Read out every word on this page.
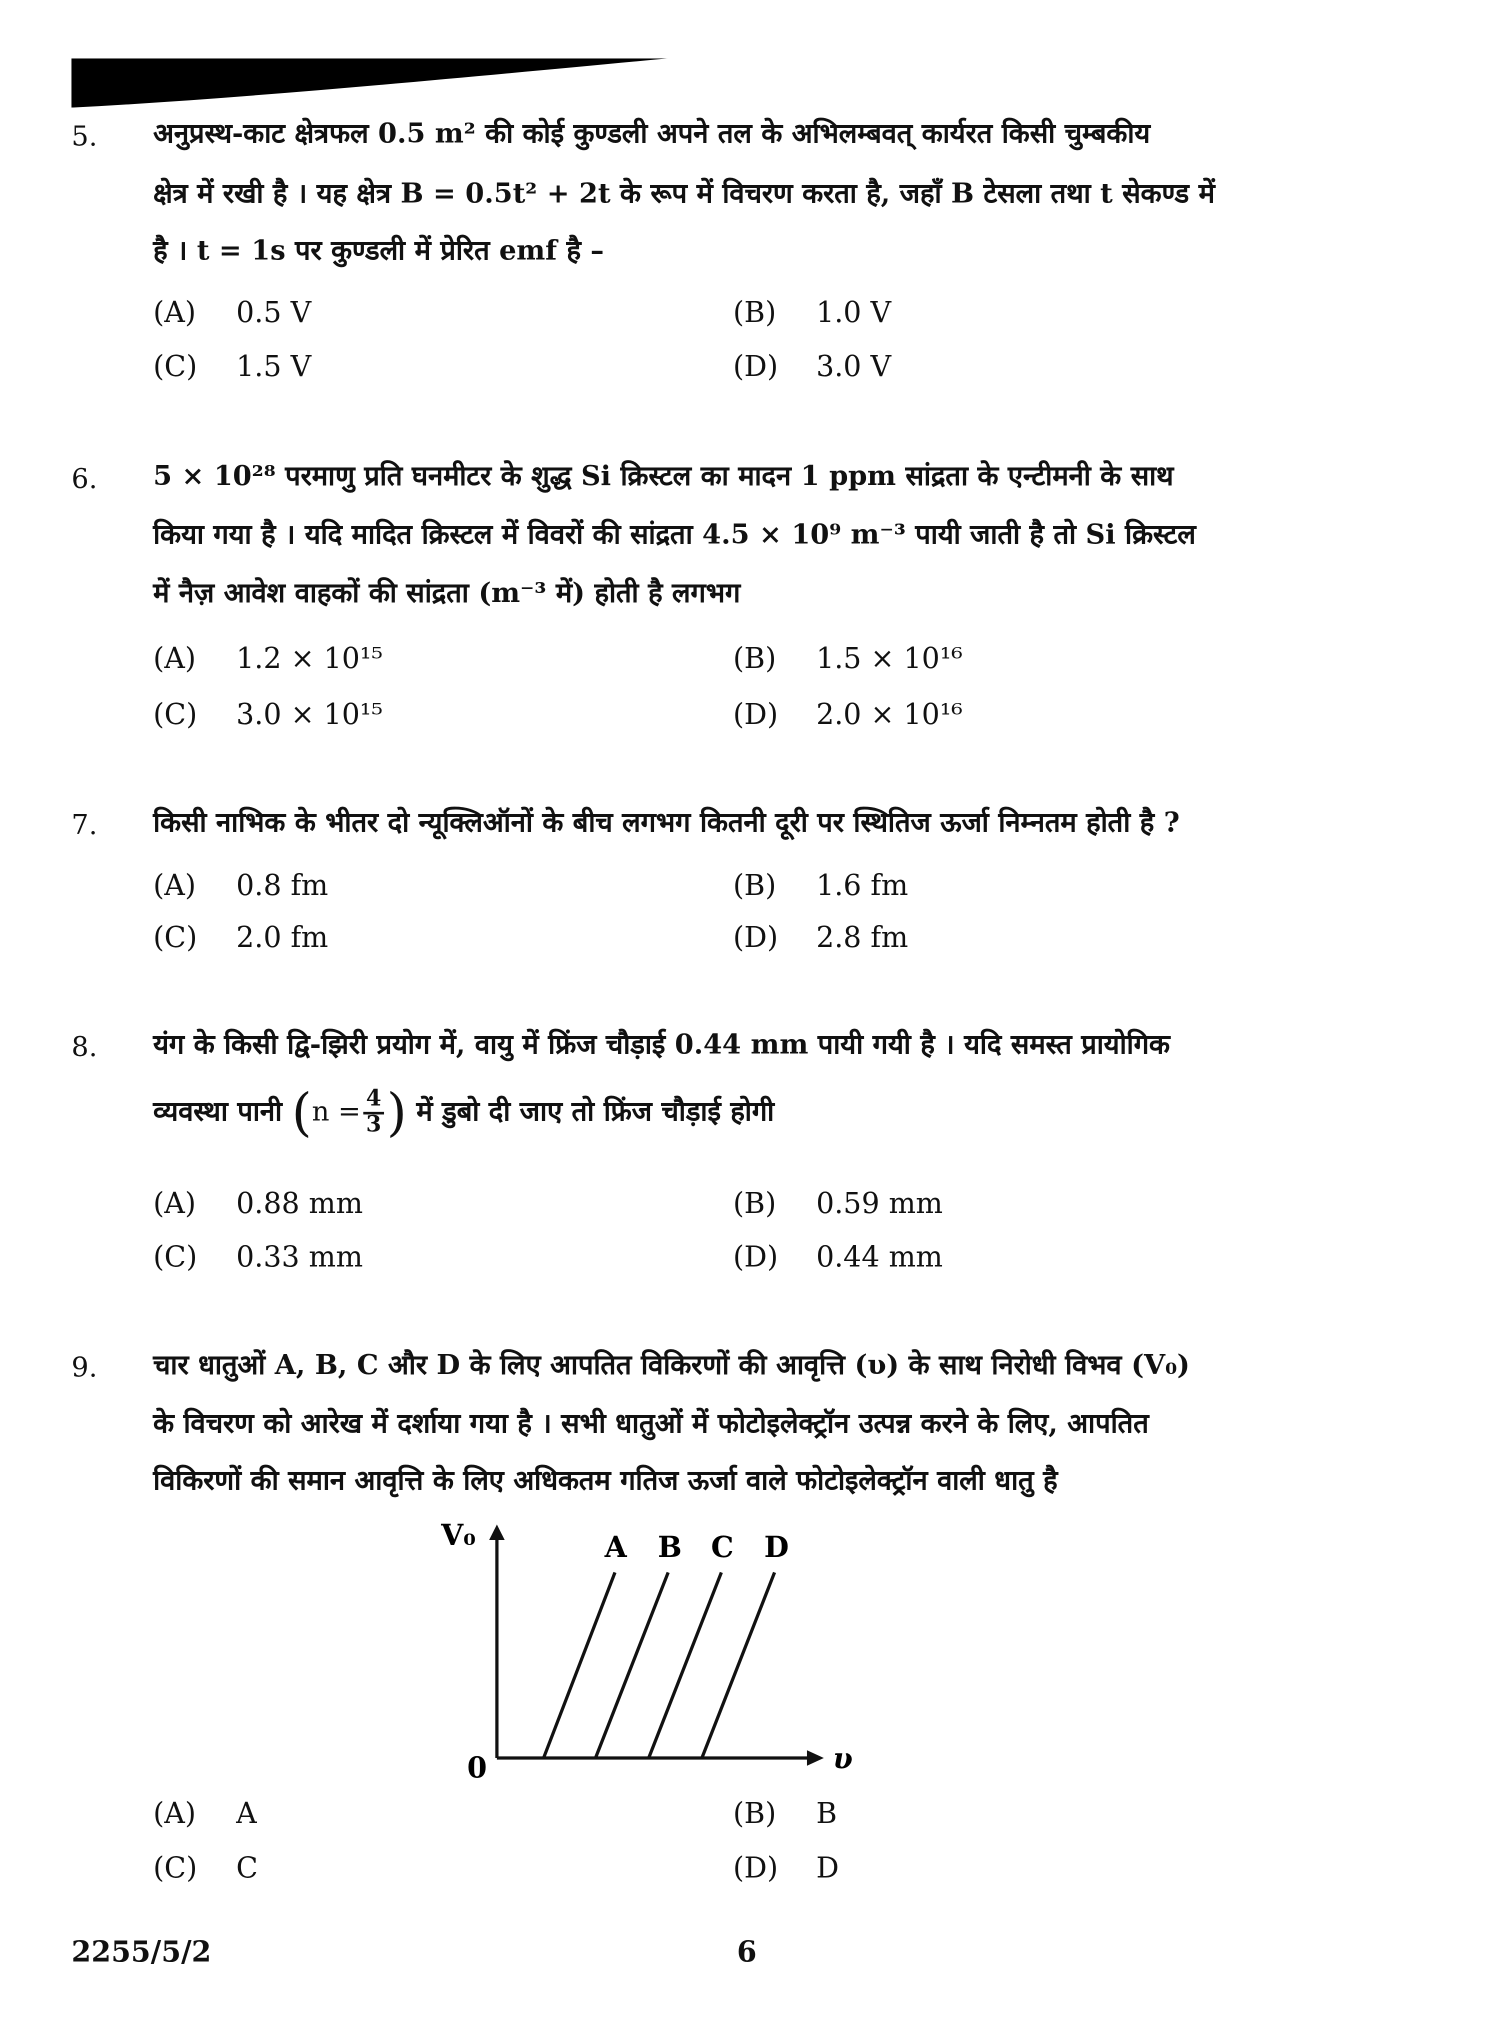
5.	अनुप्रस्थ-काट क्षेत्रफल 0.5 m² की कोई कुण्डली अपने तल के अभिलम्बवत् कार्यरत किसी चुम्बकीय
क्षेत्र में रखी है । यह क्षेत्र B = 0.5t² + 2t के रूप में विचरण करता है, जहाँ B टेसला तथा t सेकण्ड में
है । t = 1s पर कुण्डली में प्रेरित emf है –
(A) 0.5 V	(B) 1.0 V
(C) 1.5 V	(D) 3.0 V
6.	5 × 10²⁸ परमाणु प्रति घनमीटर के शुद्ध Si क्रिस्टल का मादन 1 ppm सांद्रता के एन्टीमनी के साथ
किया गया है । यदि मादित क्रिस्टल में विवरों की सांद्रता 4.5 × 10⁹ m⁻³ पायी जाती है तो Si क्रिस्टल
में नैज़ आवेश वाहकों की सांद्रता (m⁻³ में) होती है लगभग
(A) 1.2 × 10¹⁵	(B) 1.5 × 10¹⁶
(C) 3.0 × 10¹⁵	(D) 2.0 × 10¹⁶
7.	किसी नाभिक के भीतर दो न्यूक्लिऑनों के बीच लगभग कितनी दूरी पर स्थितिज ऊर्जा निम्नतम होती है ?
(A) 0.8 fm	(B) 1.6 fm
(C) 2.0 fm	(D) 2.8 fm
8.	यंग के किसी द्वि-झिरी प्रयोग में, वायु में फ्रिंज चौड़ाई 0.44 mm पायी गयी है । यदि समस्त प्रायोगिक
व्यवस्था पानी ($n = \frac{4}{3}$ ) में डुबो दी जाए तो फ्रिंज चौड़ाई होगी
(A) 0.88 mm	(B) 0.59 mm
(C) 0.33 mm	(D) 0.44 mm
9.	चार धातुओं A, B, C और D के लिए आपतित विकिरणों की आवृत्ति (υ) के साथ निरोधी विभव (V₀)
के विचरण को आरेख में दर्शाया गया है । सभी धातुओं में फोटोइलेक्ट्रॉन उत्पन्न करने के लिए, आपतित
विकिरणों की समान आवृत्ति के लिए अधिकतम गतिज ऊर्जा वाले फोटोइलेक्ट्रॉन वाली धातु है
V₀
υ
0
A B C D
(A) A	(B) B
(C) C	(D) D
2255/5/2	6
